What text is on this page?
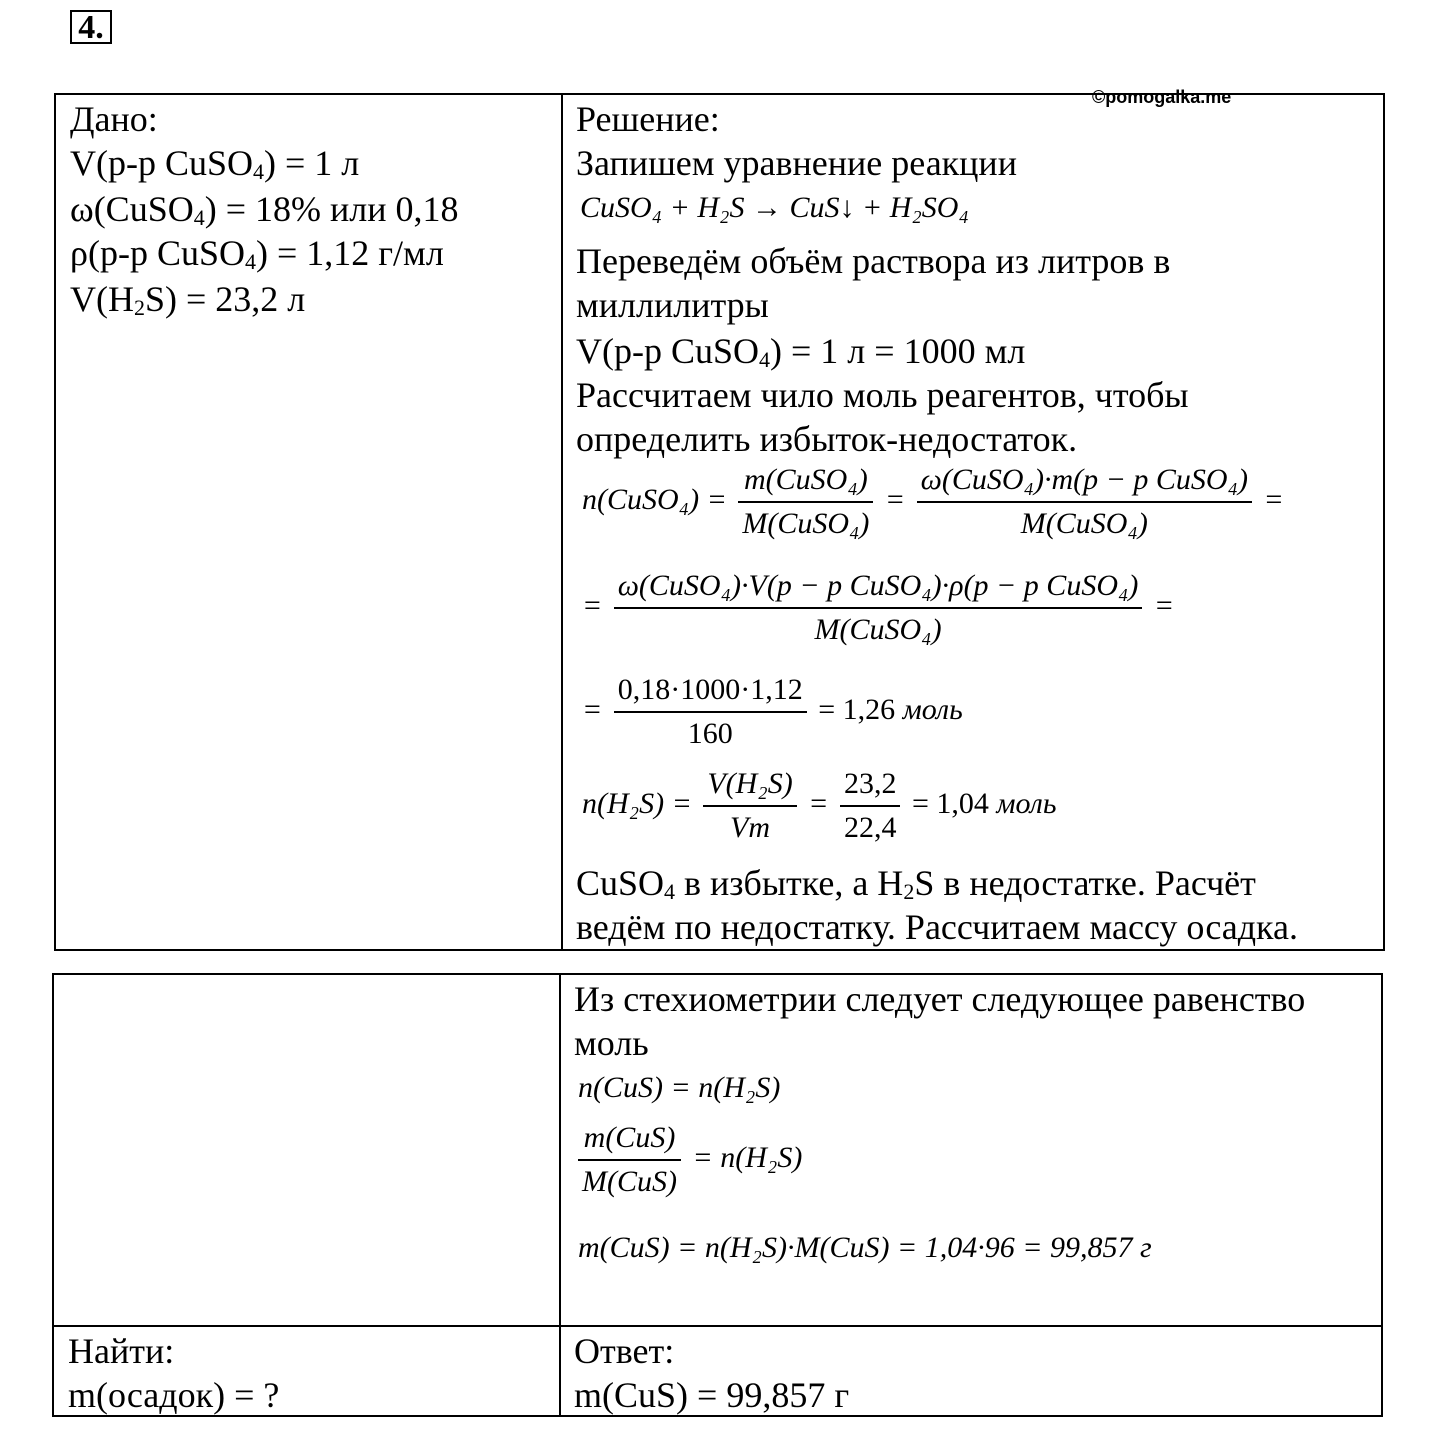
4.
Дано:
V(р-р CuSO4) = 1 л
ω(CuSO4) = 18% или 0,18
ρ(р-р CuSO4) = 1,12 г/мл
V(H2S) = 23,2 л
©pomogalka.me
Решение:
Запишем уравнение реакции
CuSO₄ + H₂S → CuS↓ + H₂SO₄
Переведём объём раствора из литров в
миллилитры
V(р-р CuSO4) = 1 л = 1000 мл
Рассчитаем чило моль реагентов, чтобы
определить избыток-недостаток.
n(CuSO₄) = $\frac{\text{m(CuSO₄)}}{\text{M(CuSO₄)}} = \frac{\text{ω(CuSO₄)·m(p − p CuSO₄)}}{\text{M(CuSO₄)}}$ =
= $\frac{\text{ω(CuSO₄)·V(p − p CuSO₄)·ρ(p − p CuSO₄)}}{\text{M(CuSO₄)}}$ =
= $\frac{0,18\cdot 1000\cdot 1,12}{160} = 1,26$ моль
$n(H_2S) = \frac{\text{V(H₂S)}}{Vm} = \frac{23,2}{22,4} = 1,04$ моль
CuSO4 в избытке, а H2S в недостатке. Расчёт
ведём по недостатку. Рассчитаем массу осадка.
Из стехиометрии следует следующее равенство
моль
n(CuS) = n(H₂S)
$\frac{\text{m(CuS)}}{\text{M(CuS)}} = n(H_2S)$
m(CuS) = n(H₂S)·M(CuS) = 1,04·96 = 99,857 г
Найти:
m(осадок) = ?
Ответ:
m(CuS) = 99,857 г
